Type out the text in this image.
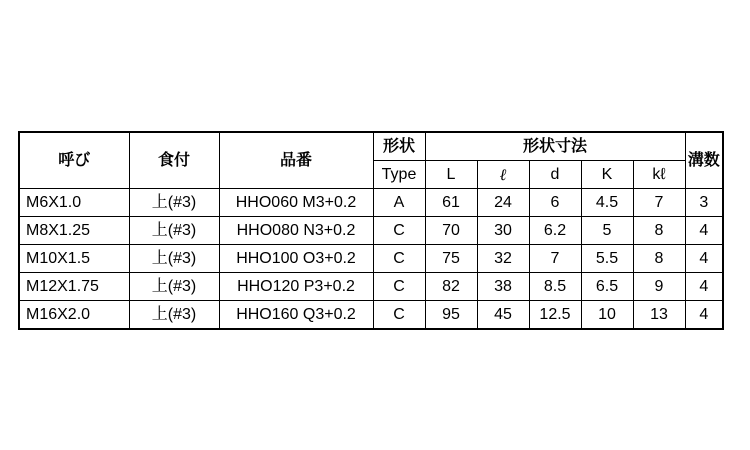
呼び	食付	品番	形状	形状寸法					溝数
			Type	L	ℓ	d	K	kℓ	
M6X1.0	上(#3)	HHO060 M3+0.2	A	61	24	6	4.5	7	3
M8X1.25	上(#3)	HHO080 N3+0.2	C	70	30	6.2	5	8	4
M10X1.5	上(#3)	HHO100 O3+0.2	C	75	32	7	5.5	8	4
M12X1.75	上(#3)	HHO120 P3+0.2	C	82	38	8.5	6.5	9	4
M16X2.0	上(#3)	HHO160 Q3+0.2	C	95	45	12.5	10	13	4
